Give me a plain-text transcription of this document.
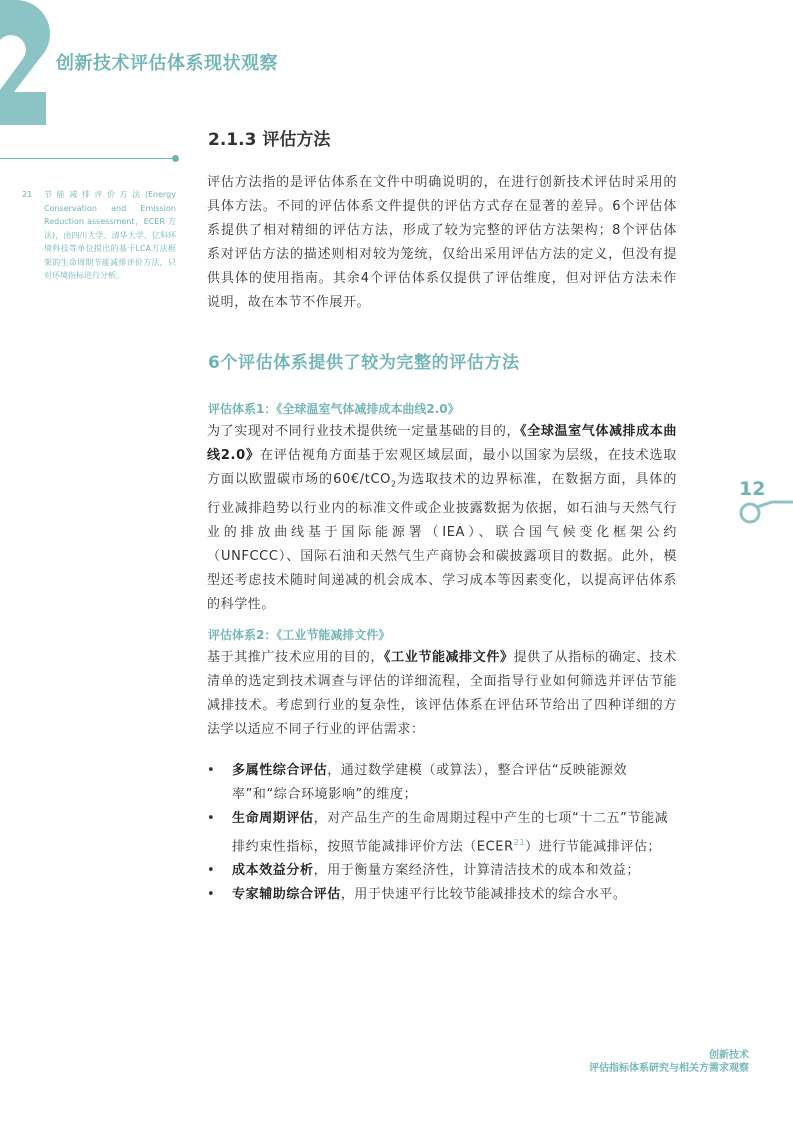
创新技术评估体系现状观察
21 节能减排评价方法(Energy Conservation and Emission Reduction assessment，ECER 方法)，由四川大学、清华大学、亿科环境科技等单位提出的基于LCA方法框架的生命周期节能减排评价方法，只对环境指标进行分析。
2.1.3 评估方法
评估方法指的是评估体系在文件中明确说明的，在进行创新技术评估时采用的具体方法。不同的评估体系文件提供的评估方式存在显著的差异。6个评估体系提供了相对精细的评估方法，形成了较为完整的评估方法架构；8个评估体系对评估方法的描述则相对较为笼统，仅给出采用评估方法的定义，但没有提供具体的使用指南。其余4个评估体系仅提供了评估维度，但对评估方法未作说明，故在本节不作展开。
6个评估体系提供了较为完整的评估方法
评估体系1：《全球温室气体减排成本曲线2.0》
为了实现对不同行业技术提供统一定量基础的目的，《全球温室气体减排成本曲线2.0》在评估视角方面基于宏观区域层面，最小以国家为层级，在技术选取方面以欧盟碳市场的60€/tCO$_2$为选取技术的边界标准，在数据方面，具体的行业减排趋势以行业内的标准文件或企业披露数据为依据，如石油与天然气行业的排放曲线基于国际能源署（IEA）、联合国气候变化框架公约（UNFCCC）、国际石油和天然气生产商协会和碳披露项目的数据。此外，模型还考虑技术随时间递减的机会成本、学习成本等因素变化，以提高评估体系的科学性。
评估体系2：《工业节能减排文件》
基于其推广技术应用的目的，《工业节能减排文件》提供了从指标的确定、技术清单的选定到技术调查与评估的详细流程，全面指导行业如何筛选并评估节能减排技术。考虑到行业的复杂性，该评估体系在评估环节给出了四种详细的方法学以适应不同子行业的评估需求：
• 多属性综合评估，通过数学建模（或算法），整合评估“反映能源效率”和“综合环境影响”的维度；
• 生命周期评估，对产品生产的生命周期过程中产生的七项“十二五”节能减排约束性指标，按照节能减排评价方法（ECER$^{21}$）进行节能减排评估；
• 成本效益分析，用于衡量方案经济性，计算清洁技术的成本和效益；
• 专家辅助综合评估，用于快速平行比较节能减排技术的综合水平。
12
创新技术
评估指标体系研究与相关方需求观察
